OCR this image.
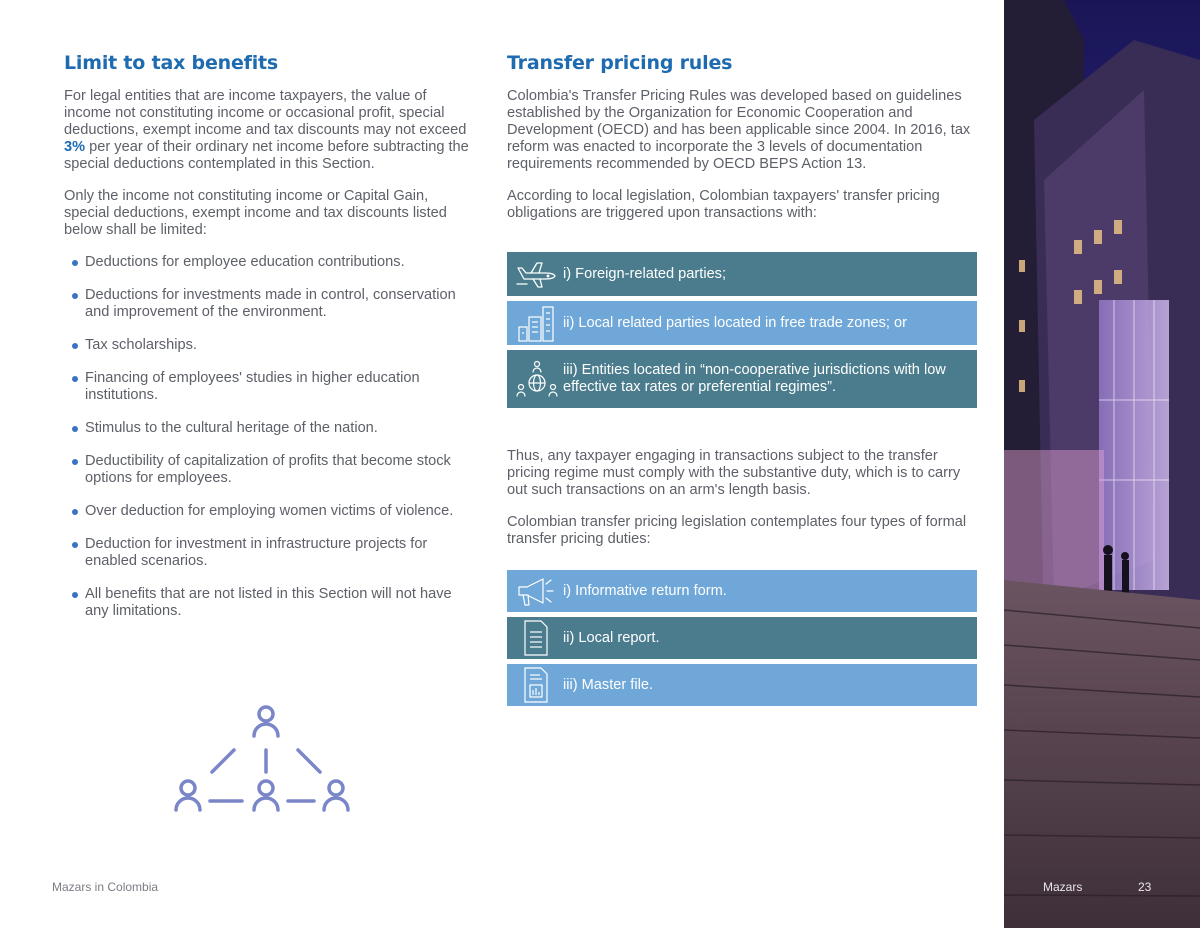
Limit to tax benefits

For legal entities that are income taxpayers, the value of income not constituting income or occasional profit, special deductions, exempt income and tax discounts may not exceed 3% per year of their ordinary net income before subtracting the special deductions contemplated in this Section.

Only the income not constituting income or Capital Gain, special deductions, exempt income and tax discounts listed below shall be limited:

Deductions for employee education contributions.
Deductions for investments made in control, conservation and improvement of the environment.
Tax scholarships.
Financing of employees' studies in higher education institutions.
Stimulus to the cultural heritage of the nation.
Deductibility of capitalization of profits that become stock options for employees.
Over deduction for employing women victims of violence.
Deduction for investment in infrastructure projects for enabled scenarios.
All benefits that are not listed in this Section will not have any limitations.
Transfer pricing rules

Colombia's Transfer Pricing Rules was developed based on guidelines established by the Organization for Economic Cooperation and Development (OECD) and has been applicable since 2004. In 2016, tax reform was enacted to incorporate the 3 levels of documentation requirements recommended by OECD BEPS Action 13.

According to local legislation, Colombian taxpayers' transfer pricing obligations are triggered upon transactions with:

i) Foreign-related parties;
ii) Local related parties located in free trade zones; or
iii) Entities located in “non-cooperative jurisdictions with low effective tax rates or preferential regimes”.

Thus, any taxpayer engaging in transactions subject to the transfer pricing regime must comply with the substantive duty, which is to carry out such transactions on an arm's length basis.

Colombian transfer pricing legislation contemplates four types of formal transfer pricing duties:

i) Informative return form.
ii) Local report.
iii) Master file.
Mazars in Colombia	Mazars	23
